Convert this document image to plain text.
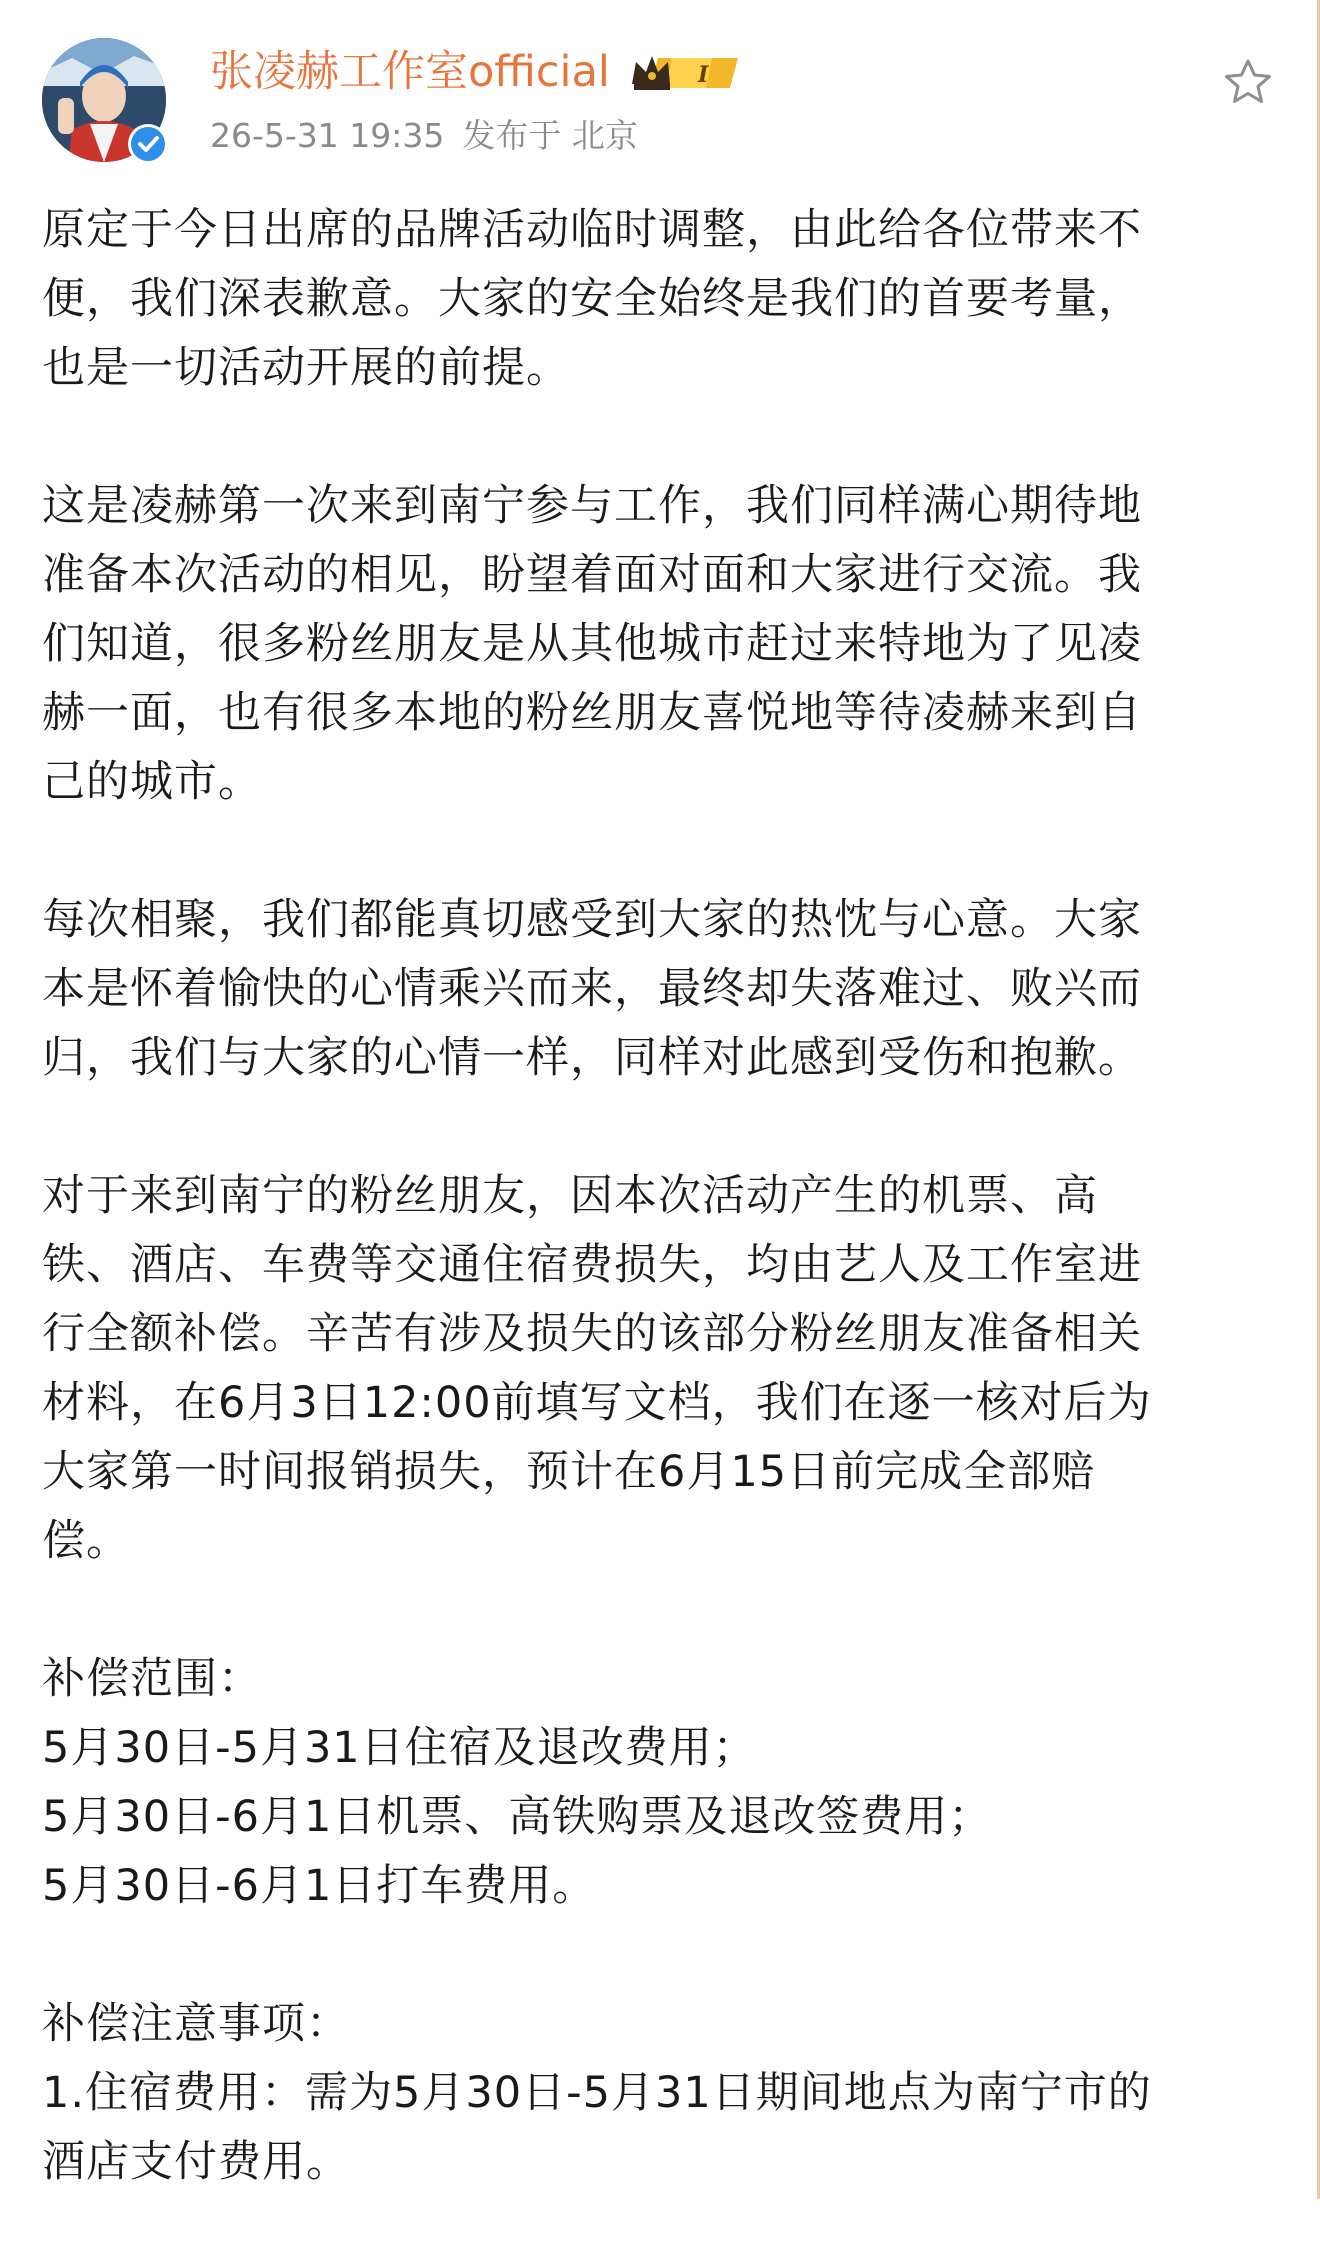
张凌赫工作室official	I
26-5-31 19:35 发布于 北京

原定于今日出席的品牌活动临时调整，由此给各位带来不
便，我们深表歉意。大家的安全始终是我们的首要考量，
也是一切活动开展的前提。

这是凌赫第一次来到南宁参与工作，我们同样满心期待地
准备本次活动的相见，盼望着面对面和大家进行交流。我
们知道，很多粉丝朋友是从其他城市赶过来特地为了见凌
赫一面，也有很多本地的粉丝朋友喜悦地等待凌赫来到自
己的城市。

每次相聚，我们都能真切感受到大家的热忱与心意。大家
本是怀着愉快的心情乘兴而来，最终却失落难过、败兴而
归，我们与大家的心情一样，同样对此感到受伤和抱歉。

对于来到南宁的粉丝朋友，因本次活动产生的机票、高
铁、酒店、车费等交通住宿费损失，均由艺人及工作室进
行全额补偿。辛苦有涉及损失的该部分粉丝朋友准备相关
材料，在6月3日12:00前填写文档，我们在逐一核对后为
大家第一时间报销损失，预计在6月15日前完成全部赔
偿。

补偿范围：
5月30日-5月31日住宿及退改费用；
5月30日-6月1日机票、高铁购票及退改签费用；
5月30日-6月1日打车费用。

补偿注意事项：
1.住宿费用：需为5月30日-5月31日期间地点为南宁市的
酒店支付费用。
